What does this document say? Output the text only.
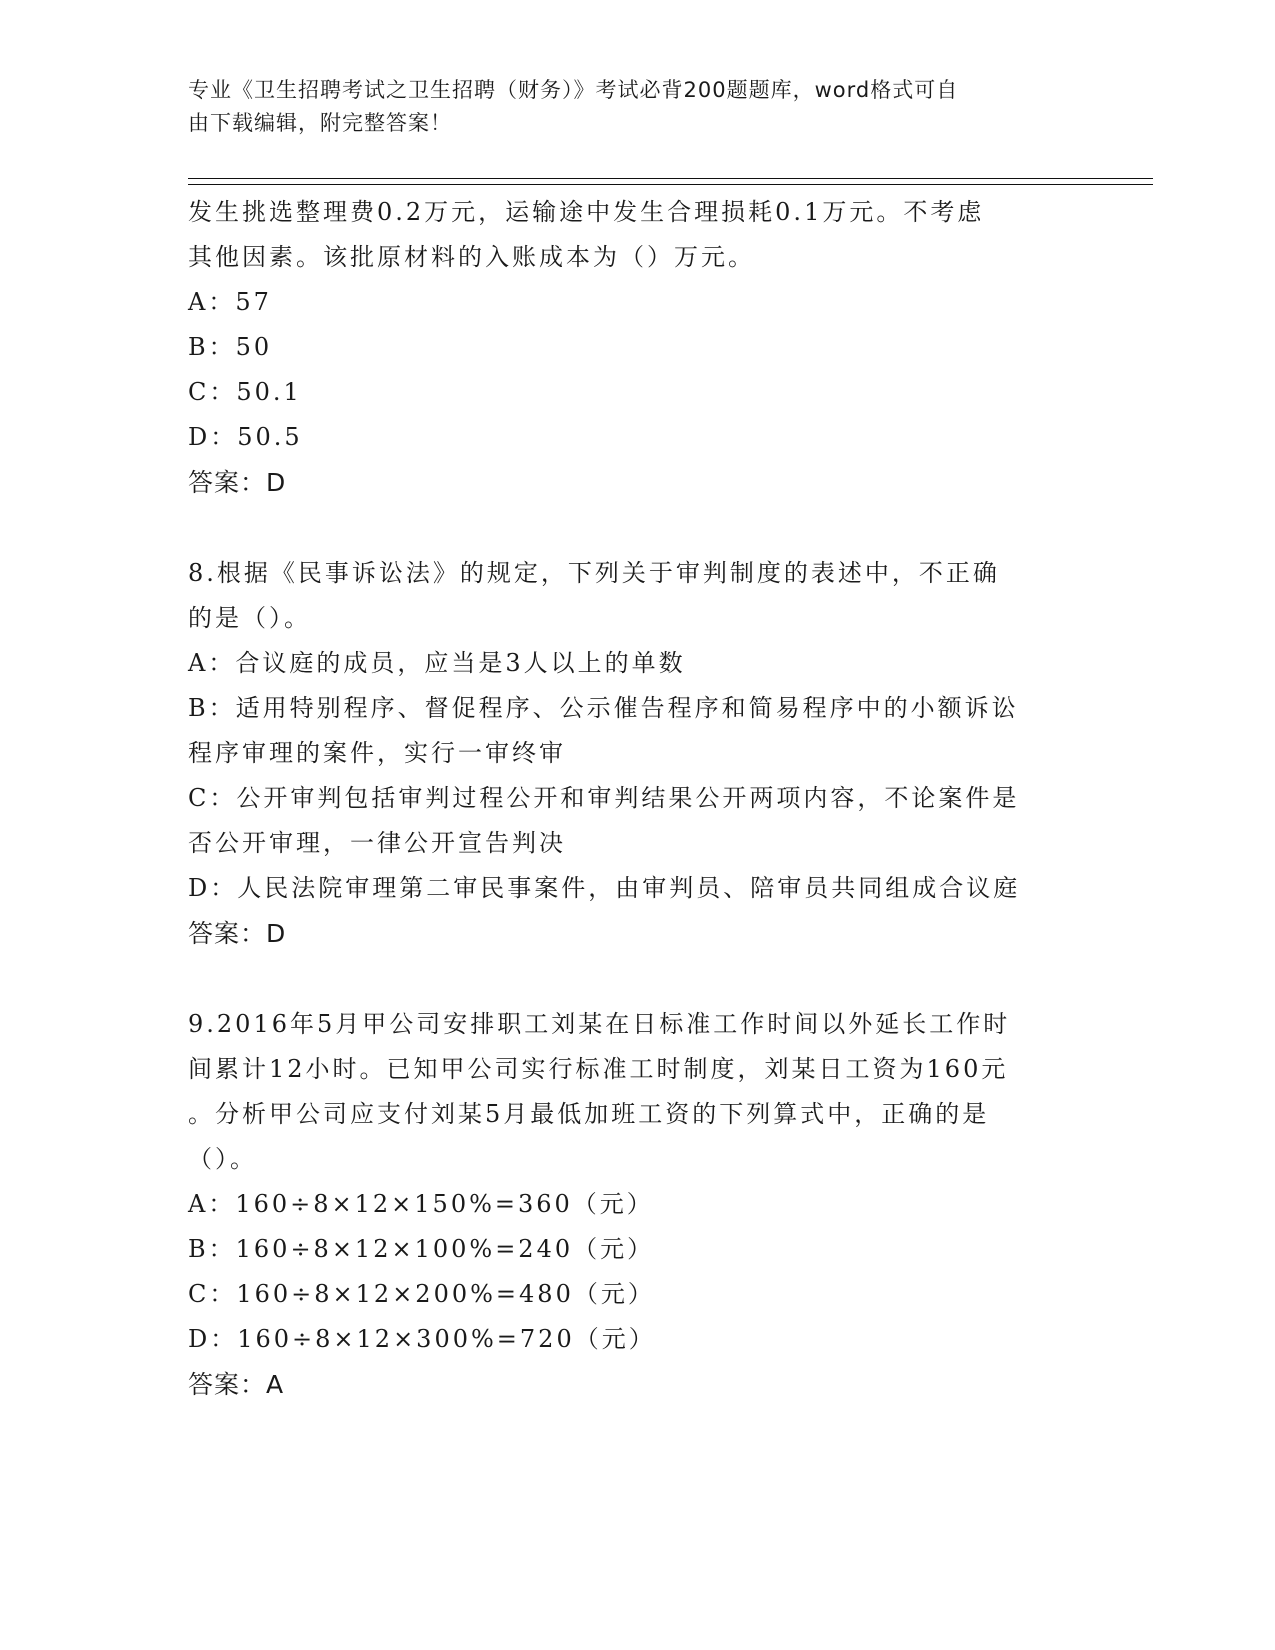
专业《卫生招聘考试之卫生招聘（财务）》考试必背200题题库，word格式可自
由下载编辑，附完整答案！
发生挑选整理费0.2万元，运输途中发生合理损耗0.1万元。不考虑
其他因素。该批原材料的入账成本为（）万元。
A：57
B：50
C：50.1
D：50.5
答案：D
8.根据《民事诉讼法》的规定，下列关于审判制度的表述中，不正确
的是（）。
A：合议庭的成员，应当是3人以上的单数
B：适用特别程序、督促程序、公示催告程序和简易程序中的小额诉讼
程序审理的案件，实行一审终审
C：公开审判包括审判过程公开和审判结果公开两项内容，不论案件是
否公开审理，一律公开宣告判决
D：人民法院审理第二审民事案件，由审判员、陪审员共同组成合议庭
答案：D
9.2016年5月甲公司安排职工刘某在日标准工作时间以外延长工作时
间累计12小时。已知甲公司实行标准工时制度，刘某日工资为160元
。分析甲公司应支付刘某5月最低加班工资的下列算式中，正确的是
（）。
A：160÷8×12×150%=360（元）
B：160÷8×12×100%=240（元）
C：160÷8×12×200%=480（元）
D：160÷8×12×300%=720（元）
答案：A
